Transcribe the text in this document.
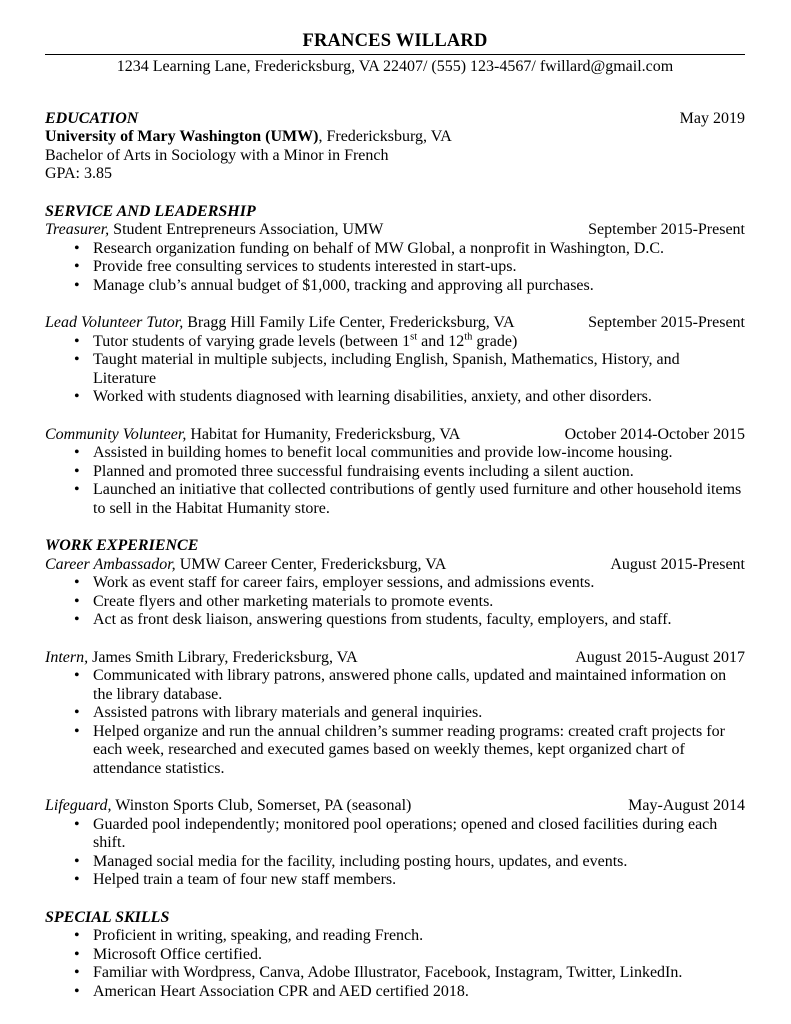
FRANCES WILLARD
1234 Learning Lane, Fredericksburg, VA 22407/ (555) 123-4567/ fwillard@gmail.com
EDUCATION	May 2019
University of Mary Washington (UMW), Fredericksburg, VA
Bachelor of Arts in Sociology with a Minor in French
GPA: 3.85
SERVICE AND LEADERSHIP
Treasurer, Student Entrepreneurs Association, UMW	September 2015-Present
• Research organization funding on behalf of MW Global, a nonprofit in Washington, D.C.
• Provide free consulting services to students interested in start-ups.
• Manage club’s annual budget of $1,000, tracking and approving all purchases.
Lead Volunteer Tutor, Bragg Hill Family Life Center, Fredericksburg, VA	September 2015-Present
• Tutor students of varying grade levels (between 1st and 12th grade)
• Taught material in multiple subjects, including English, Spanish, Mathematics, History, and Literature
• Worked with students diagnosed with learning disabilities, anxiety, and other disorders.
Community Volunteer, Habitat for Humanity, Fredericksburg, VA	October 2014-October 2015
• Assisted in building homes to benefit local communities and provide low-income housing.
• Planned and promoted three successful fundraising events including a silent auction.
• Launched an initiative that collected contributions of gently used furniture and other household items to sell in the Habitat Humanity store.
WORK EXPERIENCE
Career Ambassador, UMW Career Center, Fredericksburg, VA	August 2015-Present
• Work as event staff for career fairs, employer sessions, and admissions events.
• Create flyers and other marketing materials to promote events.
• Act as front desk liaison, answering questions from students, faculty, employers, and staff.
Intern, James Smith Library, Fredericksburg, VA	August 2015-August 2017
• Communicated with library patrons, answered phone calls, updated and maintained information on the library database.
• Assisted patrons with library materials and general inquiries.
• Helped organize and run the annual children’s summer reading programs: created craft projects for each week, researched and executed games based on weekly themes, kept organized chart of attendance statistics.
Lifeguard, Winston Sports Club, Somerset, PA (seasonal)	May-August 2014
• Guarded pool independently; monitored pool operations; opened and closed facilities during each shift.
• Managed social media for the facility, including posting hours, updates, and events.
• Helped train a team of four new staff members.
SPECIAL SKILLS
• Proficient in writing, speaking, and reading French.
• Microsoft Office certified.
• Familiar with Wordpress, Canva, Adobe Illustrator, Facebook, Instagram, Twitter, LinkedIn.
• American Heart Association CPR and AED certified 2018.
